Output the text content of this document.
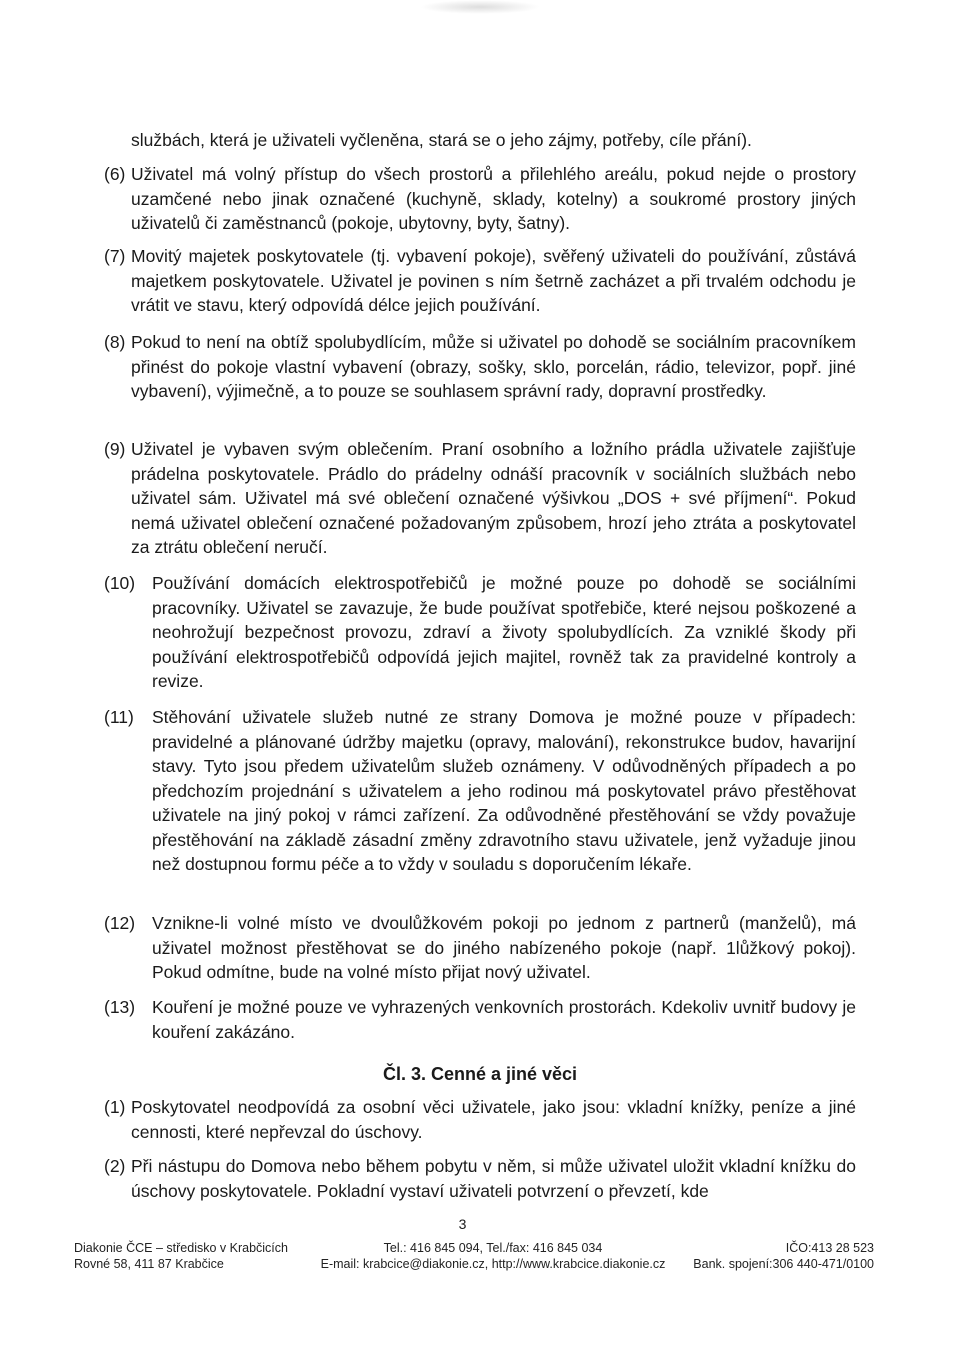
službách, která je uživateli vyčleněna, stará se o jeho zájmy, potřeby, cíle přání).
(6) Uživatel má volný přístup do všech prostorů a přilehlého areálu, pokud nejde o prostory uzamčené nebo jinak označené (kuchyně, sklady, kotelny) a soukromé prostory jiných uživatelů či zaměstnanců (pokoje, ubytovny, byty, šatny).
(7) Movitý majetek poskytovatele (tj. vybavení pokoje), svěřený uživateli do používání, zůstává majetkem poskytovatele. Uživatel je povinen s ním šetrně zacházet a při trvalém odchodu je vrátit ve stavu, který odpovídá délce jejich používání.
(8) Pokud to není na obtíž spolubydlícím, může si uživatel po dohodě se sociálním pracovníkem přinést do pokoje vlastní vybavení (obrazy, sošky, sklo, porcelán, rádio, televizor, popř. jiné vybavení), výjimečně, a to pouze se souhlasem správní rady, dopravní prostředky.
(9) Uživatel je vybaven svým oblečením. Praní osobního a ložního prádla uživatele zajišťuje prádelna poskytovatele. Prádlo do prádelny odnáší pracovník v sociálních službách nebo uživatel sám. Uživatel má své oblečení označené výšivkou „DOS + své příjmení“. Pokud nemá uživatel oblečení označené požadovaným způsobem, hrozí jeho ztráta a poskytovatel za ztrátu oblečení neručí.
(10) Používání domácích elektrospotřebičů je možné pouze po dohodě se sociálními pracovníky. Uživatel se zavazuje, že bude používat spotřebiče, které nejsou poškozené a neohrožují bezpečnost provozu, zdraví a životy spolubydlících. Za vzniklé škody při používání elektrospotřebičů odpovídá jejich majitel, rovněž tak za pravidelné kontroly a revize.
(11) Stěhování uživatele služeb nutné ze strany Domova je možné pouze v případech: pravidelné a plánované údržby majetku (opravy, malování), rekonstrukce budov, havarijní stavy. Tyto jsou předem uživatelům služeb oznámeny. V odůvodněných případech a po předchozím projednání s uživatelem a jeho rodinou má poskytovatel právo přestěhovat uživatele na jiný pokoj v rámci zařízení. Za odůvodněné přestěhování se vždy považuje přestěhování na základě zásadní změny zdravotního stavu uživatele, jenž vyžaduje jinou než dostupnou formu péče a to vždy v souladu s doporučením lékaře.
(12) Vznikne-li volné místo ve dvoulůžkovém pokoji po jednom z partnerů (manželů), má uživatel možnost přestěhovat se do jiného nabízeného pokoje (např. 1lůžkový pokoj). Pokud odmítne, bude na volné místo přijat nový uživatel.
(13) Kouření je možné pouze ve vyhrazených venkovních prostorách. Kdekoliv uvnitř budovy je kouření zakázáno.
Čl. 3. Cenné a jiné věci
(1) Poskytovatel neodpovídá za osobní věci uživatele, jako jsou: vkladní knížky, peníze a jiné cennosti, které nepřevzal do úschovy.
(2) Při nástupu do Domova nebo během pobytu v něm, si může uživatel uložit vkladní knížku do úschovy poskytovatele. Pokladní vystaví uživateli potvrzení o převzetí, kde
3
Diakonie ČCE – středisko v Krabčicích
Rovné 58, 411 87 Krabčice
Tel.: 416 845 094, Tel./fax: 416 845 034
E-mail: krabcice@diakonie.cz, http://www.krabcice.diakonie.cz
IČO:413 28 523
Bank. spojení:306 440-471/0100
